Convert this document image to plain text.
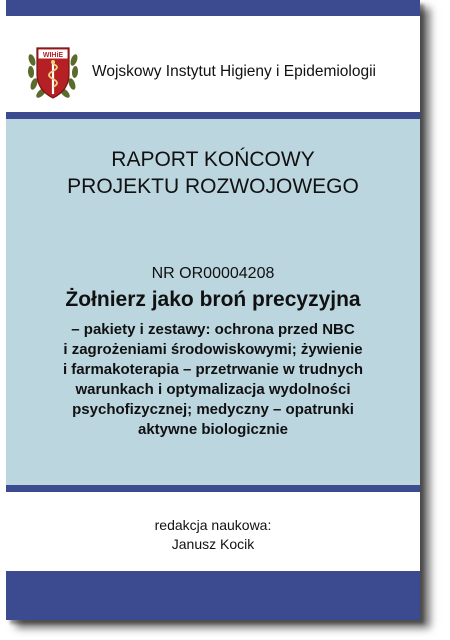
WIHiE
Wojskowy Instytut Higieny i Epidemiologii
RAPORT KOŃCOWY
PROJEKTU ROZWOJOWEGO
NR OR00004208
Żołnierz jako broń precyzyjna
– pakiety i zestawy: ochrona przed NBC
i zagrożeniami środowiskowymi; żywienie
i farmakoterapia – przetrwanie w trudnych
warunkach i optymalizacja wydolności
psychofizycznej; medyczny – opatrunki
aktywne biologicznie
redakcja naukowa:
Janusz Kocik
